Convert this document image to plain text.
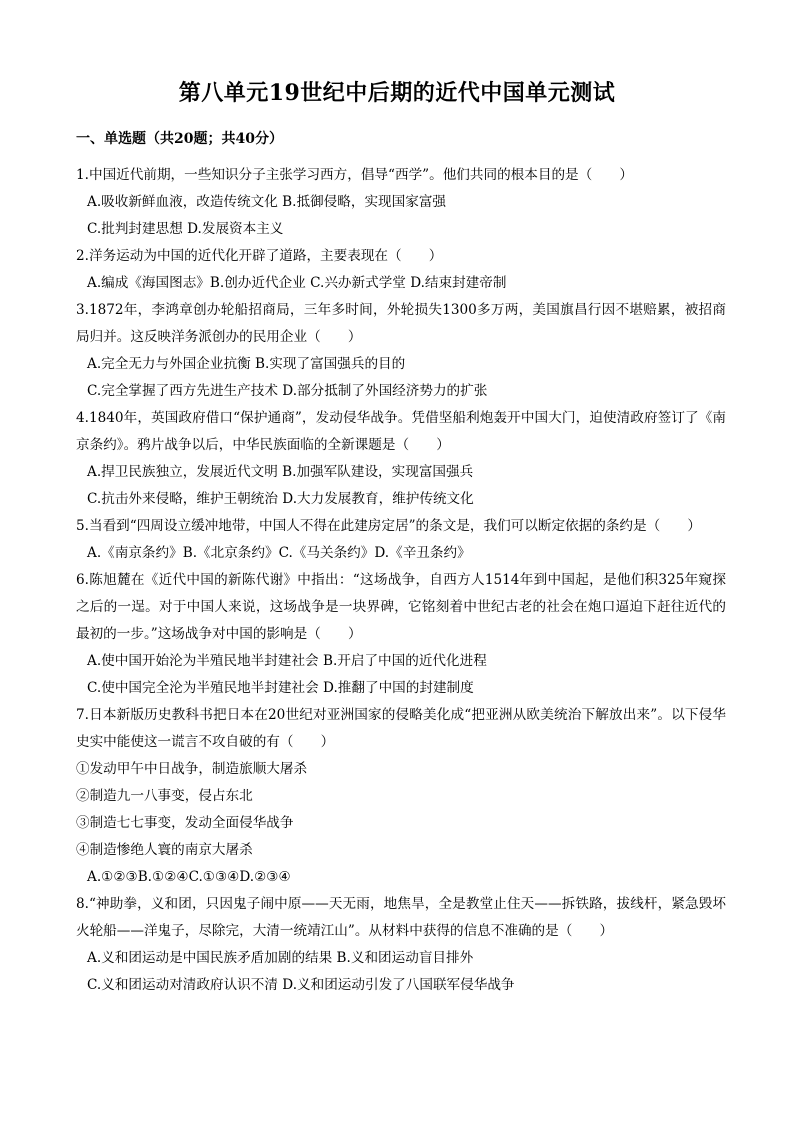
第八单元19世纪中后期的近代中国单元测试
一、单选题（共20题；共40分）

1.中国近代前期，一些知识分子主张学习西方，倡导“西学”。他们共同的根本目的是（　　）

A.吸收新鲜血液，改造传统文化 B.抵御侵略，实现国家富强

C.批判封建思想 D.发展资本主义

2.洋务运动为中国的近代化开辟了道路，主要表现在（　　）

A.编成《海国图志》B.创办近代企业 C.兴办新式学堂 D.结束封建帝制

3.1872年，李鸿章创办轮船招商局，三年多时间，外轮损失1300多万两，美国旗昌行因不堪赔累，被招商局归并。这反映洋务派创办的民用企业（　　）

A.完全无力与外国企业抗衡 B.实现了富国强兵的目的

C.完全掌握了西方先进生产技术 D.部分抵制了外国经济势力的扩张

4.1840年，英国政府借口“保护通商”，发动侵华战争。凭借坚船利炮轰开中国大门，迫使清政府签订了《南京条约》。鸦片战争以后，中华民族面临的全新课题是（　　）

A.捍卫民族独立，发展近代文明 B.加强军队建设，实现富国强兵

C.抗击外来侵略，维护王朝统治 D.大力发展教育，维护传统文化

5.当看到“四周设立缓冲地带，中国人不得在此建房定居”的条文是，我们可以断定依据的条约是（　　）

A.《南京条约》B.《北京条约》C.《马关条约》D.《辛丑条约》

6.陈旭麓在《近代中国的新陈代谢》中指出：“这场战争，自西方人1514年到中国起，是他们积325年窥探之后的一逞。对于中国人来说，这场战争是一块界碑，它铭刻着中世纪古老的社会在炮口逼迫下赶往近代的最初的一步。”这场战争对中国的影响是（　　）

A.使中国开始沦为半殖民地半封建社会 B.开启了中国的近代化进程

C.使中国完全沦为半殖民地半封建社会 D.推翻了中国的封建制度

7.日本新版历史教科书把日本在20世纪对亚洲国家的侵略美化成“把亚洲从欧美统治下解放出来”。以下侵华史实中能使这一谎言不攻自破的有（　　）

①发动甲午中日战争，制造旅顺大屠杀

②制造九一八事变，侵占东北

③制造七七事变，发动全面侵华战争

④制造惨绝人寰的南京大屠杀

A.①②③B.①②④C.①③④D.②③④

8.“神助拳，义和团，只因鬼子闹中原——天无雨，地焦旱，全是教堂止住天——拆铁路，拔线杆，紧急毁坏火轮船——洋鬼子，尽除完，大清一统靖江山”。从材料中获得的信息不准确的是（　　）

A.义和团运动是中国民族矛盾加剧的结果 B.义和团运动盲目排外

C.义和团运动对清政府认识不清 D.义和团运动引发了八国联军侵华战争
